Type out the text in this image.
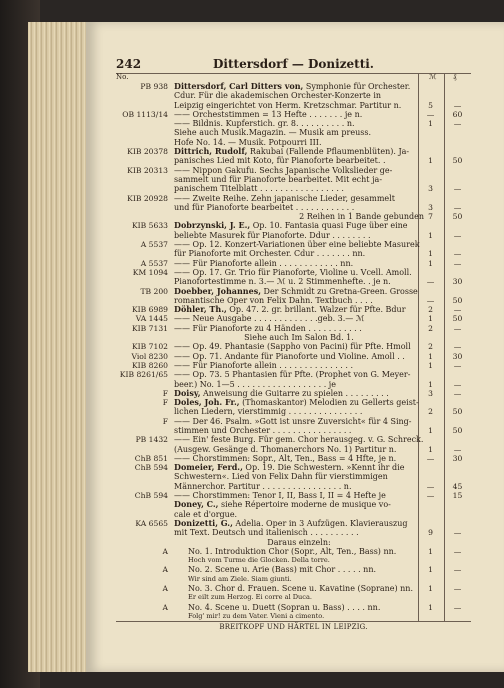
242	Dittersdorf — Donizetti.
No.	ℳ ₰
PB 938 Dittersdorf, Carl Ditters von, Symphonie für Orchester.
Cdur. Für die akademischen Orchester-Konzerte in
Leipzig eingerichtet von Herm. Kretzschmar. Partitur n.	5	—
OB 1113/14 —— Orcheststimmen = 13 Hefte . . . . . . . je n.	—	60
—— Bildnis. Kupferstich. gr. 8. . . . . . . . . . n.	1	—
Siehe auch Musik.Magazin. — Musik am preuss.
Hofe No. 14. — Musik. Potpourri III.
KIB 20378 Dittrich, Rudolf, Rakubai (Fallende Pflaumenblüten). Ja-
panisches Lied mit Koto, für Pianoforte bearbeitet. .	1	50
KIB 20313 —— Nippon Gakufu. Sechs Japanische Volkslieder ge-
sammelt und für Pianoforte bearbeitet. Mit echt ja-
panischem Titelblatt . . . . . . . . . . . . . . . . .	3	—
KIB 20928 —— Zweite Reihe. Zehn japanische Lieder, gesammelt
und für Pianoforte bearbeitet . . . . . . . . . . . .	3	—
2 Reihen in 1 Bande gebunden 7	50
KIB 5633 Dobrzynski, J. E., Op. 10. Fantasia quasi Fuge über eine
beliebte Masurek für Pianoforte. Ddur . . . . . . . .	1	—
A 5537 —— Op. 12. Konzert-Variationen über eine beliebte Masurek
für Pianoforte mit Orchester. Cdur . . . . . . . nn.	1	—
A 5537 —— Für Pianoforte allein . . . . . . . . . . . . nn.	1	—
KM 1094 —— Op. 17. Gr. Trio für Pianoforte, Violine u. Vcell. Amoll.
Pianofortestimme n. 3.— ℳ u. 2 Stimmenhefte. . je n.	—	30
TB 200 Doebber, Johannes, Der Schmidt zu Gretna-Green. Grosse
romantische Oper von Felix Dahn. Textbuch . . . .	—	50
KIB 6989 Döhler, Th., Op. 47. 2. gr. brillant. Walzer für Pfte. Bdur	2	—
VA 1445 —— Neue Ausgabe . . . . . . . . . . . . .geb. 3.— ℳ	1	50
KIB 7131 —— Für Pianoforte zu 4 Händen . . . . . . . . . . .	2	—
Siehe auch Im Salon Bd. 1.
KIB 7102 —— Op. 49. Phantasie (Sappho von Pacini) für Pfte. Hmoll	2	—
Viol 8230 —— Op. 71. Andante für Pianoforte und Violine. Amoll . .	1	30
KIB 8260 —— Für Pianoforte allein . . . . . . . . . . . . . . .	1	—
KIB 8261/65 —— Op. 73. 5 Phantasien für Pfte. (Prophet von G. Meyer-
beer.) No. 1—5 . . . . . . . . . . . . . . . . . . je	1	—
F Doisy, Anweisung die Guitarre zu spielen . . . . . . . . .	3	—
F Doles, Joh. Fr., (Thomaskantor) Melodien zu Gellerts geist-
lichen Liedern, vierstimmig . . . . . . . . . . . . . . .	2	50
F —— Der 46. Psalm. »Gott ist unsre Zuversicht« für 4 Sing-
stimmen und Orchester . . . . . . . . . . . . . . . .	1	50
PB 1432 —— Ein' feste Burg. Für gem. Chor herausgeg. v. G. Schreck.
(Ausgew. Gesänge d. Thomanerchors No. 1) Partitur n.	1	—
ChB 851 —— Chorstimmen: Sopr., Alt, Ten., Bass = 4 Hfte, je n.	—	30
ChB 594 Domeier, Ferd., Op. 19. Die Schwestern. »Kennt ihr die
Schwestern«. Lied von Felix Dahn für vierstimmigen
Männerchor. Partitur . . . . . . . . . . . . . . . . n.	—	45
ChB 594 —— Chorstimmen: Tenor I, II, Bass I, II = 4 Hefte je	—	15
Doney, C., siehe Répertoire moderne de musique vo-
cale et d'orgue.
KA 6565 Donizetti, G., Adelia. Oper in 3 Aufzügen. Klavierauszug
mit Text. Deutsch und italienisch . . . . . . . . . .	9	—
Daraus einzeln:
A	No. 1. Introduktion Chor (Sopr., Alt, Ten., Bass) nn.	1	—
Hoch vom Turme die Glocken. Della torre.
A	No. 2. Scene u. Arie (Bass) mit Chor . . . . . nn.	1	—
Wir sind am Ziele. Siam giunti.
A	No. 3. Chor d. Frauen. Scene u. Kavatine (Soprane) nn.	1	—
Er eilt zum Herzog. Ei corre al Duca.
A	No. 4. Scene u. Duett (Sopran u. Bass) . . . . nn.	1	—
Folg' mir! zu dem Vater. Vieni a cimento.
BREITKOPF UND HÄRTEL IN LEIPZIG.
